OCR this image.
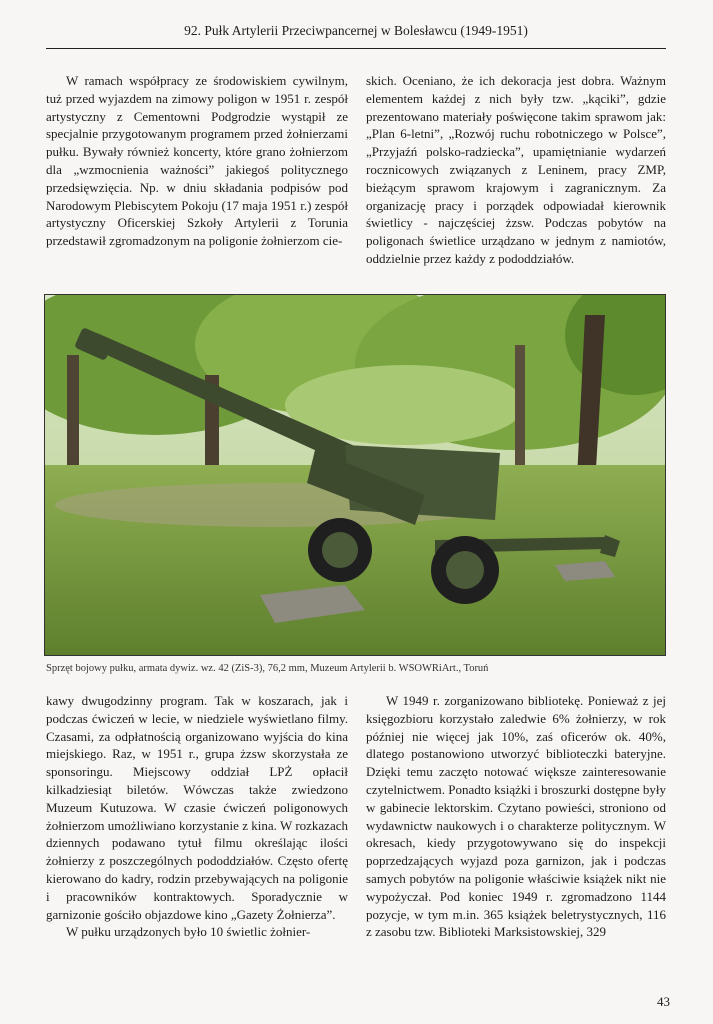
92. Pułk Artylerii Przeciwpancernej w Bolesławcu (1949-1951)

W ramach współpracy ze środowiskiem cywilnym, tuż przed wyjazdem na zimowy poligon w 1951 r. zespół artystyczny z Cementowni Podgrodzie wystąpił ze specjalnie przygotowanym programem przed żołnierzami pułku. Bywały również koncerty, które grano żołnierzom dla „wzmocnienia ważności” jakiegoś politycznego przedsięwzięcia. Np. w dniu składania podpisów pod Narodowym Plebiscytem Pokoju (17 maja 1951 r.) zespół artystyczny Oficerskiej Szkoły Artylerii z Torunia przedstawił zgromadzonym na poligonie żołnierzom cie-

skich. Oceniano, że ich dekoracja jest dobra. Ważnym elementem każdej z nich były tzw. „kąciki”, gdzie prezentowano materiały poświęcone takim sprawom jak: „Plan 6-letni”, „Rozwój ruchu robotniczego w Polsce”, „Przyjaźń polsko-radziecka”, upamiętnianie wydarzeń rocznicowych związanych z Leninem, pracy ZMP, bieżącym sprawom krajowym i zagranicznym. Za organizację pracy i porządek odpowiadał kierownik świetlicy - najczęściej żzsw. Podczas pobytów na poligonach świetlice urządzano w jednym z namiotów, oddzielnie przez każdy z pododdziałów.

Sprzęt bojowy pułku, armata dywiz. wz. 42 (ZiS-3), 76,2 mm, Muzeum Artylerii b. WSOWRiArt., Toruń

kawy dwugodzinny program. Tak w koszarach, jak i podczas ćwiczeń w lecie, w niedziele wyświetlano filmy. Czasami, za odpłatnością organizowano wyjścia do kina miejskiego. Raz, w 1951 r., grupa żzsw skorzystała ze sponsoringu. Miejscowy oddział LPŻ opłacił kilkadziesiąt biletów. Wówczas także zwiedzono Muzeum Kutuzowa. W czasie ćwiczeń poligonowych żołnierzom umożliwiano korzystanie z kina. W rozkazach dziennych podawano tytuł filmu określając ilości żołnierzy z poszczególnych pododdziałów. Często ofertę kierowano do kadry, rodzin przebywających na poligonie i pracowników kontraktowych. Sporadycznie w garnizonie gościło objazdowe kino „Gazety Żołnierza”.

W pułku urządzonych było 10 świetlic żołnier-

W 1949 r. zorganizowano bibliotekę. Ponieważ z jej księgozbioru korzystało zaledwie 6% żołnierzy, w rok później nie więcej jak 10%, zaś oficerów ok. 40%, dlatego postanowiono utworzyć biblioteczki bateryjne. Dzięki temu zaczęto notować większe zainteresowanie czytelnictwem. Ponadto książki i broszurki dostępne były w gabinecie lektorskim. Czytano powieści, stroniono od wydawnictw naukowych i o charakterze politycznym. W okresach, kiedy przygotowywano się do inspekcji poprzedzających wyjazd poza garnizon, jak i podczas samych pobytów na poligonie właściwie książek nikt nie wypożyczał. Pod koniec 1949 r. zgromadzono 1144 pozycje, w tym m.in. 365 książek beletrystycznych, 116 z zasobu tzw. Biblioteki Marksistowskiej, 329

43
